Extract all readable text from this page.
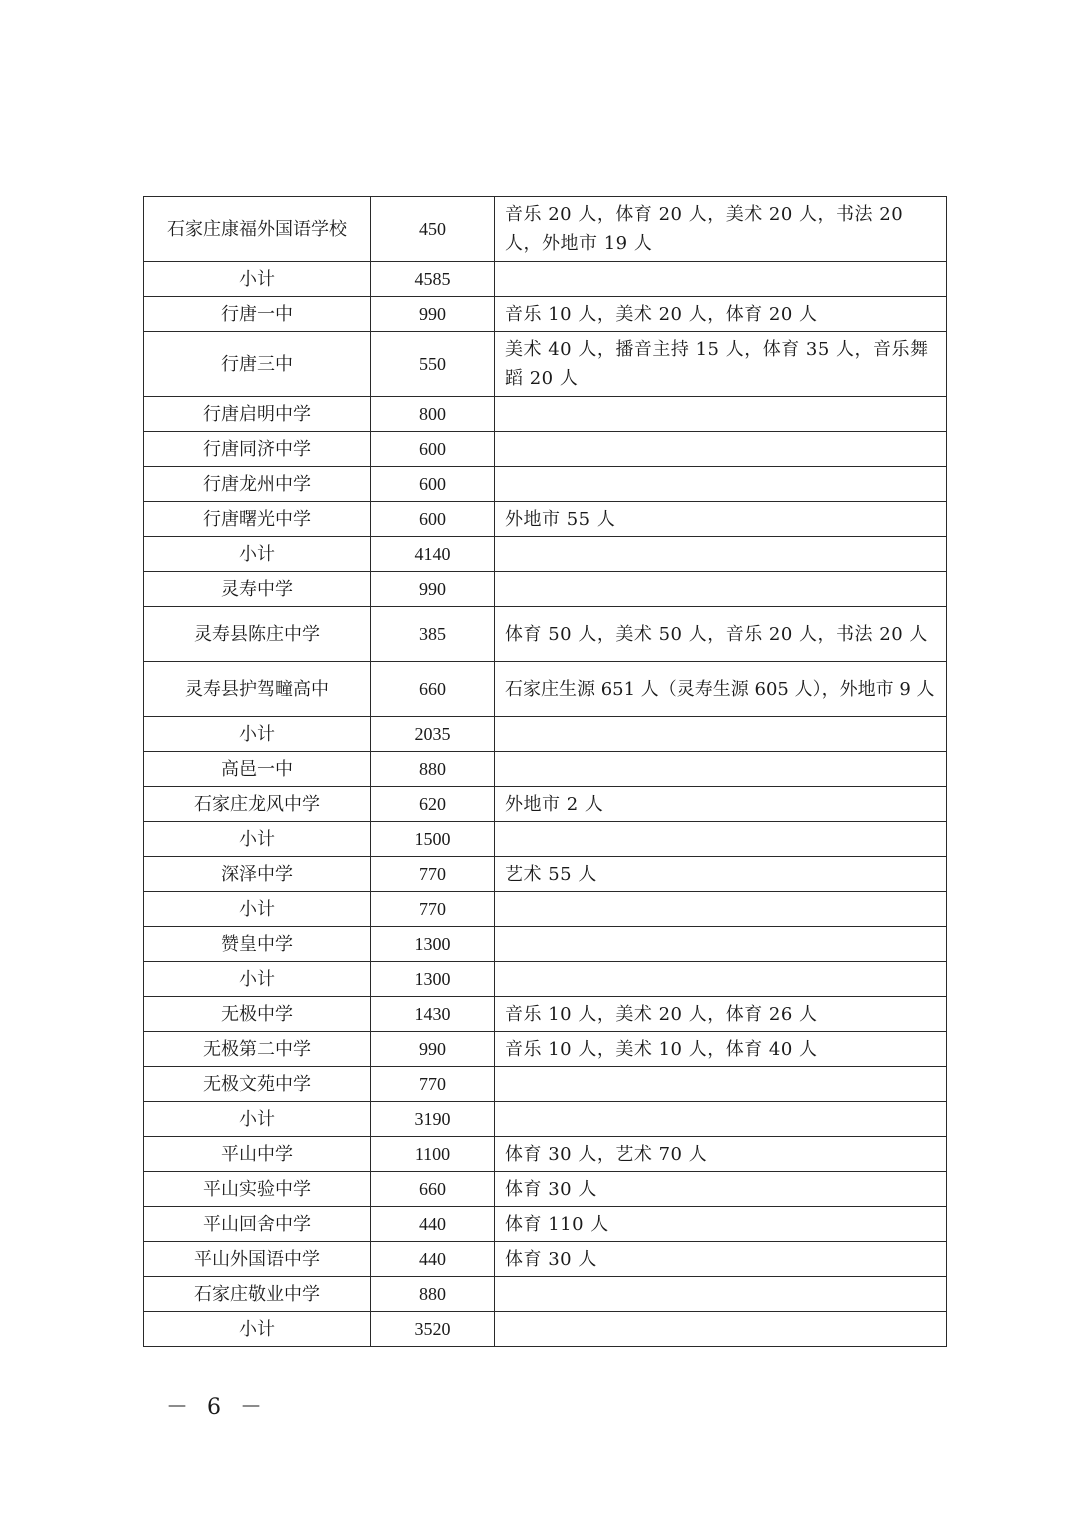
石家庄康福外国语学校	450	音乐 20 人，体育 20 人，美术 20 人，书法 20 人，外地市 19 人
小计	4585	
行唐一中	990	音乐 10 人，美术 20 人，体育 20 人
行唐三中	550	美术 40 人，播音主持 15 人，体育 35 人，音乐舞蹈 20 人
行唐启明中学	800	
行唐同济中学	600	
行唐龙州中学	600	
行唐曙光中学	600	外地市 55 人
小计	4140	
灵寿中学	990	
灵寿县陈庄中学	385	体育 50 人，美术 50 人，音乐 20 人，书法 20 人
灵寿县护驾疃高中	660	石家庄生源 651 人（灵寿生源 605 人），外地市 9 人
小计	2035	
高邑一中	880	
石家庄龙风中学	620	外地市 2 人
小计	1500	
深泽中学	770	艺术 55 人
小计	770	
赞皇中学	1300	
小计	1300	
无极中学	1430	音乐 10 人，美术 20 人，体育 26 人
无极第二中学	990	音乐 10 人，美术 10 人，体育 40 人
无极文苑中学	770	
小计	3190	
平山中学	1100	体育 30 人，艺术 70 人
平山实验中学	660	体育 30 人
平山回舍中学	440	体育 110 人
平山外国语中学	440	体育 30 人
石家庄敬业中学	880	
小计	3520	
－ 6 －
